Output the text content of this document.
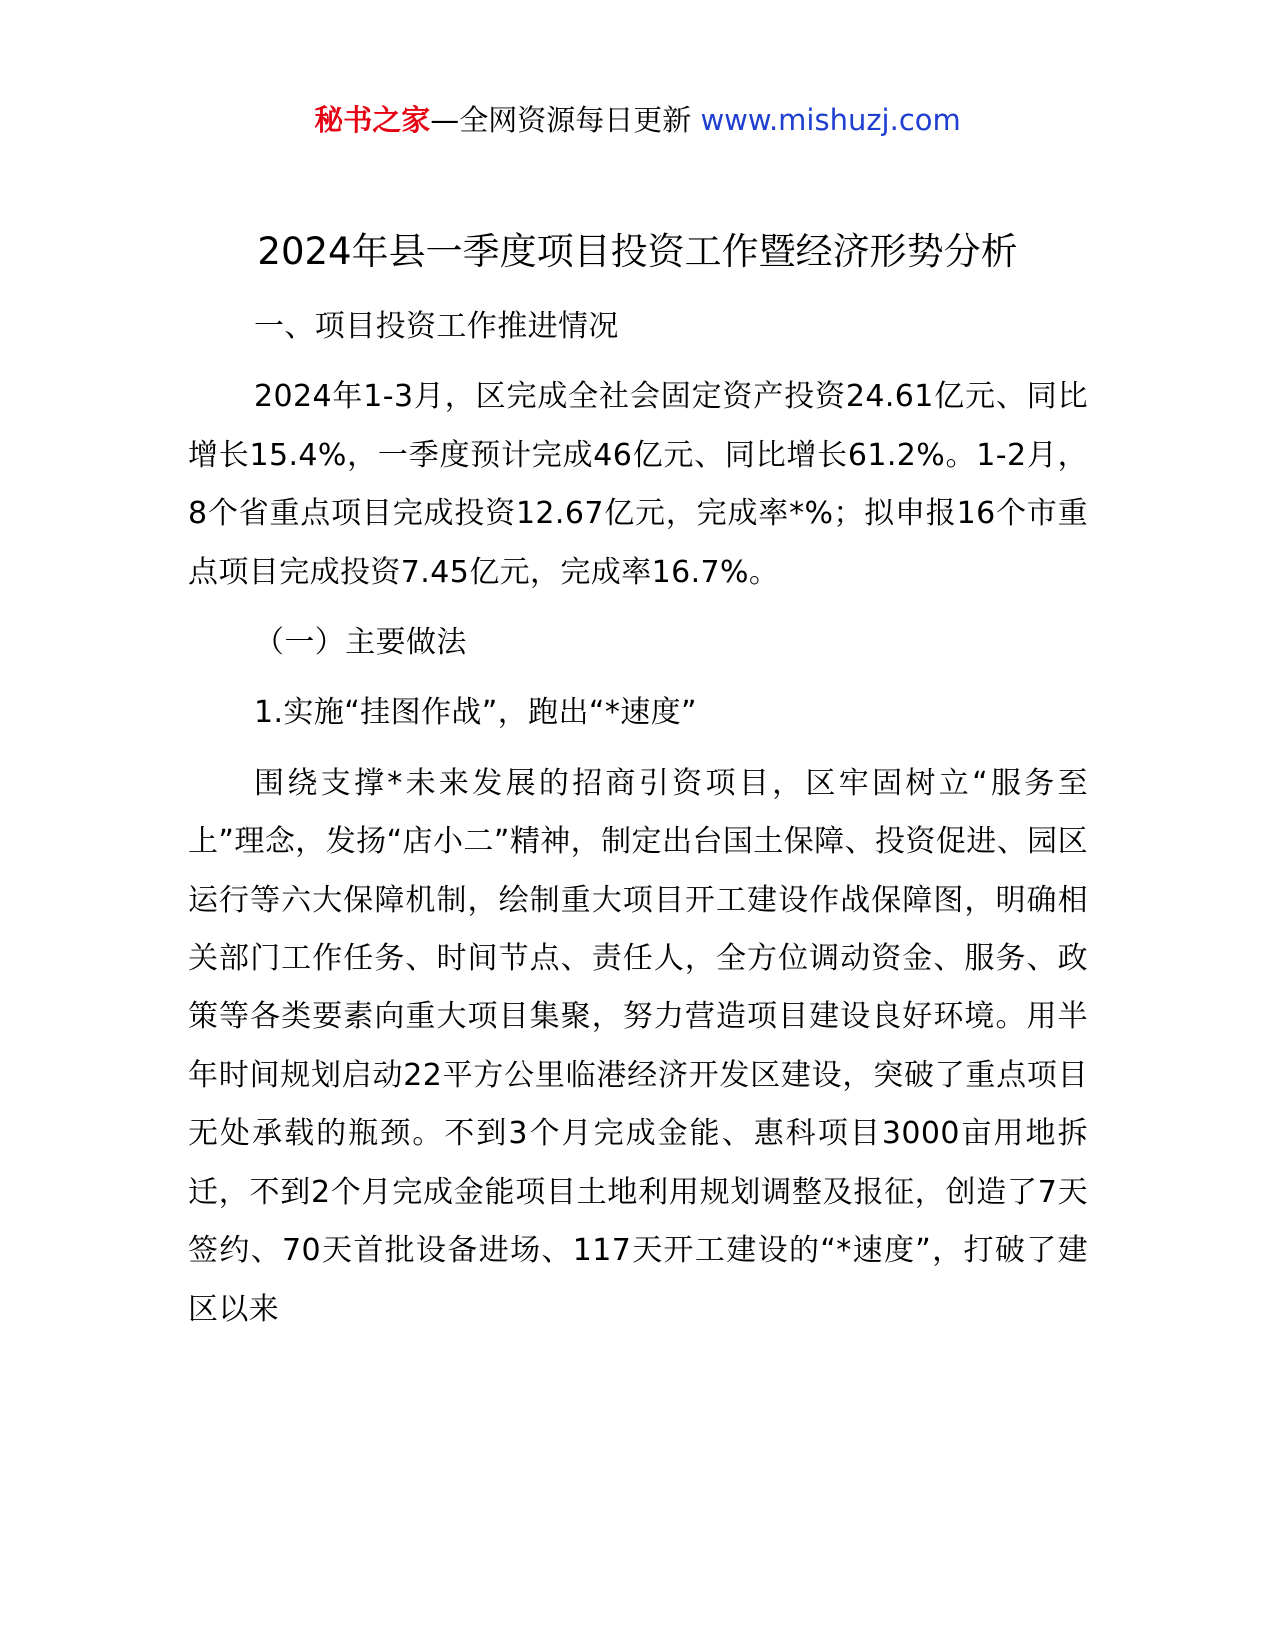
秘书之家—全网资源每日更新 www.mishuzj.com
2024年县一季度项目投资工作暨经济形势分析

一、项目投资工作推进情况

2024年1-3月，区完成全社会固定资产投资24.61亿元、同比增长15.4%，一季度预计完成46亿元、同比增长61.2%。1-2月，8个省重点项目完成投资12.67亿元，完成率*%；拟申报16个市重点项目完成投资7.45亿元，完成率16.7%。

（一）主要做法

1.实施“挂图作战”，跑出“*速度”

围绕支撑*未来发展的招商引资项目，区牢固树立“服务至上”理念，发扬“店小二”精神，制定出台国土保障、投资促进、园区运行等六大保障机制，绘制重大项目开工建设作战保障图，明确相关部门工作任务、时间节点、责任人，全方位调动资金、服务、政策等各类要素向重大项目集聚，努力营造项目建设良好环境。用半年时间规划启动22平方公里临港经济开发区建设，突破了重点项目无处承载的瓶颈。不到3个月完成金能、惠科项目3000亩用地拆迁，不到2个月完成金能项目土地利用规划调整及报征，创造了7天签约、70天首批设备进场、117天开工建设的“*速度”，打破了建区以来
